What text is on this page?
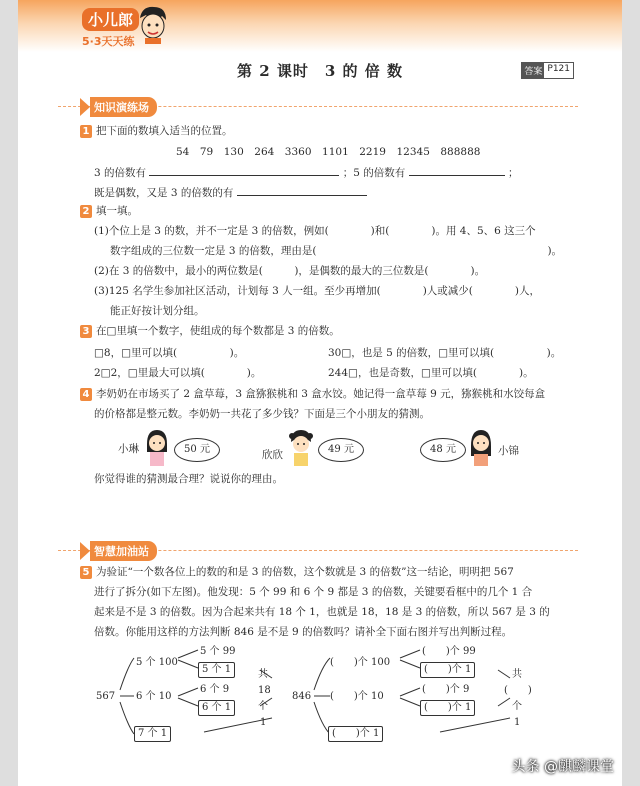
小儿郎
5·3天天练
第 2 课时　3 的 倍 数	答案 P121
知识演练场
1 把下面的数填入适当的位置。
54　79　130　264　3360　1101　2219　12345　888888
3 的倍数有	；5 的倍数有	；
既是偶数，又是 3 的倍数的有
2 填一填。
(1)个位上是 3 的数，并不一定是 3 的倍数，例如(　　　　)和(　　　　)。用 4、5、6 这三个
数字组成的三位数一定是 3 的倍数，理由是(　　　　　　　　　　　　　　　　　　　　　　)。
(2)在 3 的倍数中，最小的两位数是(　　　)，是偶数的最大的三位数是(　　　　)。
(3)125 名学生参加社区活动，计划每 3 人一组。至少再增加(　　　　)人或减少(　　　　)人，
能正好按计划分组。
3 在□里填一个数字，使组成的每个数都是 3 的倍数。
□8，□里可以填(　　　　　)。	30□，也是 5 的倍数，□里可以填(　　　　　)。
2□2，□里最大可以填(　　　　)。	244□，也是奇数，□里可以填(　　　　)。
4 李奶奶在市场买了 2 盒草莓，3 盒猕猴桃和 3 盒水饺。她记得一盒草莓 9 元，猕猴桃和水饺每盒
的价格都是整元数。李奶奶一共花了多少钱？下面是三个小朋友的猜测。
小琳	50 元	欣欣	49 元	48 元	小锦
你觉得谁的猜测最合理？说说你的理由。
智慧加油站
5 为验证“一个数各位上的数的和是 3 的倍数，这个数就是 3 的倍数”这一结论，明明把 567
进行了拆分(如下左图)。他发现：5 个 99 和 6 个 9 都是 3 的倍数，关键要看框中的几个 1 合
起来是不是 3 的倍数。因为合起来共有 18 个 1，也就是 18，18 是 3 的倍数，所以 567 是 3 的
倍数。你能用这样的方法判断 846 是不是 9 的倍数吗？请补全下面右图并写出判断过程。
567
5 个 100
6 个 10
7 个 1
5 个 99
5 个 1
6 个 9
6 个 1
共
18
个
1
846
(　　)个 100
(　　)个 10
(　　)个 1
(　　)个 99
(　　)个 1
(　　)个 9
(　　)个 1
共
(　　)
个
1
头条 @麒麟课堂
